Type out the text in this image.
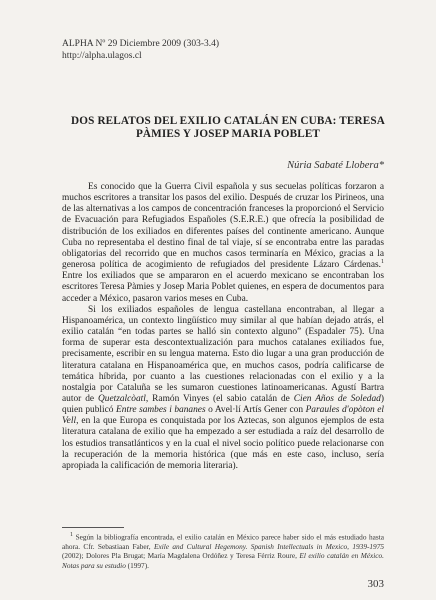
ALPHA Nº 29 Diciembre 2009 (303-3.4)
http://alpha.ulagos.cl
DOS RELATOS DEL EXILIO CATALÁN EN CUBA: TERESA PÀMIES Y JOSEP MARIA POBLET
Núria Sabaté Llobera*

Es conocido que la Guerra Civil española y sus secuelas políticas forzaron a muchos escritores a transitar los pasos del exilio. Después de cruzar los Pirineos, una de las alternativas a los campos de concentración franceses la proporcionó el Servicio de Evacuación para Refugiados Españoles (S.E.R.E.) que ofrecía la posibilidad de distribución de los exiliados en diferentes países del continente americano. Aunque Cuba no representaba el destino final de tal viaje, sí se encontraba entre las paradas obligatorias del recorrido que en muchos casos terminaría en México, gracias a la generosa política de acogimiento de refugiados del presidente Lázaro Cárdenas.$^1$ Entre los exiliados que se ampararon en el acuerdo mexicano se encontraban los escritores Teresa Pàmies y Josep Maria Poblet quienes, en espera de documentos para acceder a México, pasaron varios meses en Cuba.

Si los exiliados españoles de lengua castellana encontraban, al llegar a Hispanoamérica, un contexto lingüístico muy similar al que habían dejado atrás, el exilio catalán “en todas partes se halló sin contexto alguno” (Espadaler 75). Una forma de superar esta descontextualización para muchos catalanes exiliados fue, precisamente, escribir en su lengua materna. Esto dio lugar a una gran producción de literatura catalana en Hispanoamérica que, en muchos casos, podría calificarse de temática híbrida, por cuanto a las cuestiones relacionadas con el exilio y a la nostalgia por Cataluña se les sumaron cuestiones latinoamericanas. Agustí Bartra autor de Quetzalcòatl, Ramón Vinyes (el sabio catalán de Cien Años de Soledad) quien publicó Entre sambes i bananes o Avel·lí Artís Gener con Paraules d'opòton el Vell, en la que Europa es conquistada por los Aztecas, son algunos ejemplos de esta literatura catalana de exilio que ha empezado a ser estudiada a raíz del desarrollo de los estudios transatlánticos y en la cual el nivel socio político puede relacionarse con la recuperación de la memoria histórica (que más en este caso, incluso, sería apropiada la calificación de memoria literaria).

$^1$ Según la bibliografía encontrada, el exilio catalán en México parece haber sido el más estudiado hasta ahora. Cfr. Sebastiaan Faber, Exile and Cultural Hegemony. Spanish Intellectuals in Mexico, 1939-1975 (2002); Dolores Pla Brugat; María Magdalena Ordóñez y Teresa Férriz Roure, El exilio catalán en México. Notas para su estudio (1997).

303
